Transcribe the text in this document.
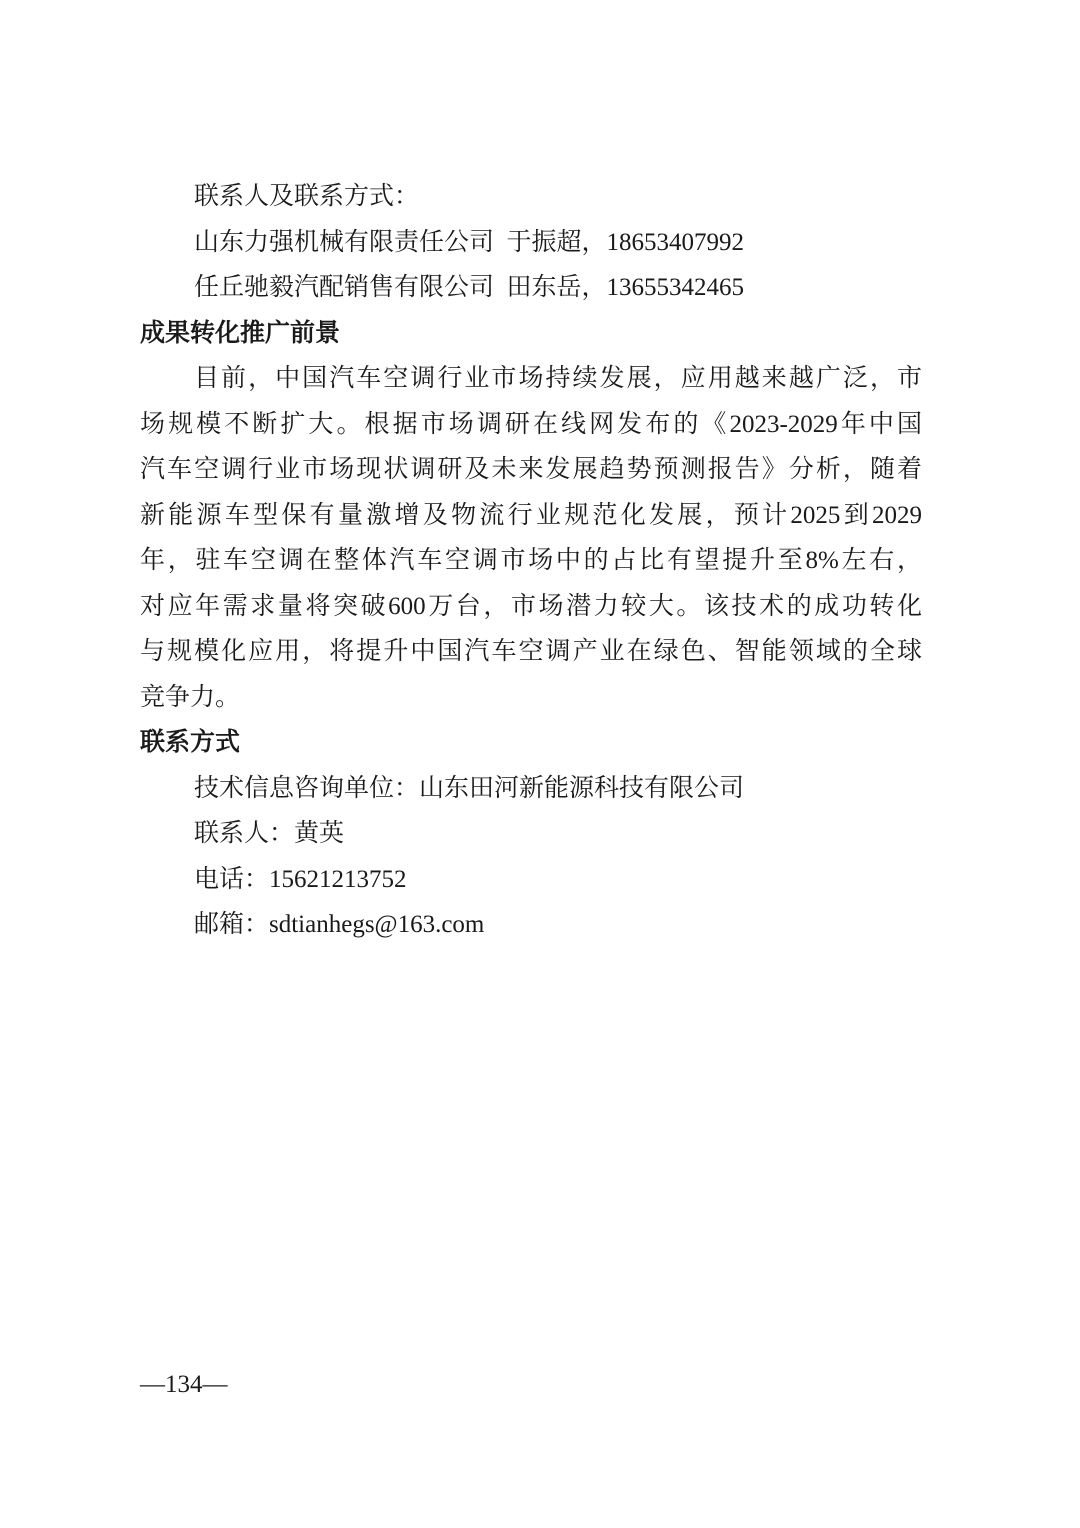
联系人及联系方式：
山东力强机械有限责任公司  于振超，18653407992
任丘驰毅汽配销售有限公司  田东岳，13655342465
成果转化推广前景
目前，中国汽车空调行业市场持续发展，应用越来越广泛，市
场规模不断扩大。根据市场调研在线网发布的《2023-2029年中国
汽车空调行业市场现状调研及未来发展趋势预测报告》分析，随着
新能源车型保有量激增及物流行业规范化发展，预计2025到2029
年，驻车空调在整体汽车空调市场中的占比有望提升至8%左右，
对应年需求量将突破600万台，市场潜力较大。该技术的成功转化
与规模化应用，将提升中国汽车空调产业在绿色、智能领域的全球
竞争力。
联系方式
技术信息咨询单位：山东田河新能源科技有限公司
联系人：黄英
电话：15621213752
邮箱：sdtianhegs@163.com
—134—
